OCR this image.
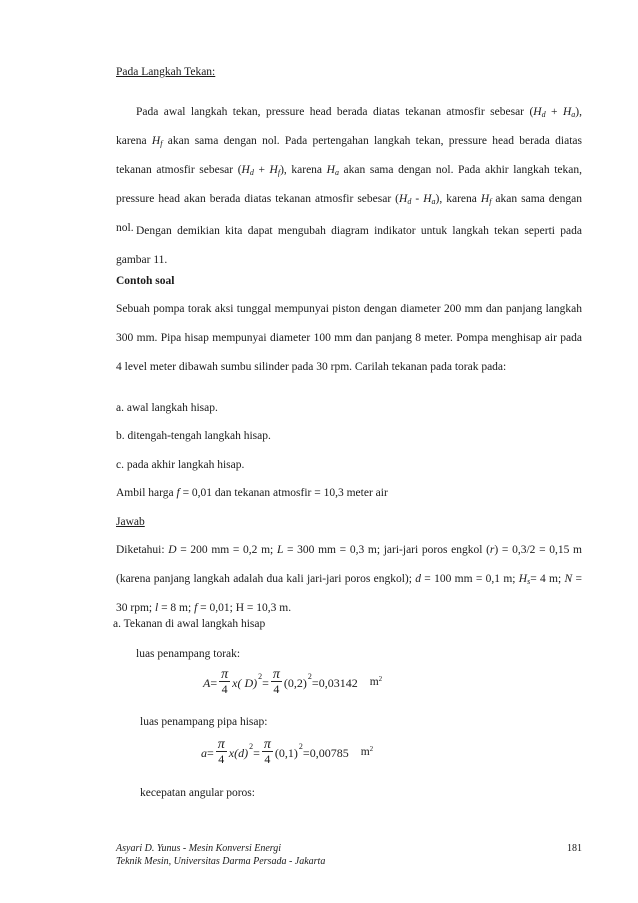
Pada Langkah Tekan:
Pada awal langkah tekan, pressure head berada diatas tekanan atmosfir sebesar $(H_d + H_a)$, karena $H_f$ akan sama dengan nol. Pada pertengahan langkah tekan, pressure head berada diatas tekanan atmosfir sebesar $(H_d + H_f)$, karena $H_a$ akan sama dengan nol. Pada akhir langkah tekan, pressure head akan berada diatas tekanan atmosfir sebesar $(H_d - H_a)$, karena $H_f$ akan sama dengan nol. Dengan demikian kita dapat mengubah diagram indikator untuk langkah tekan seperti pada gambar 11.
Contoh soal
Sebuah pompa torak aksi tunggal mempunyai piston dengan diameter 200 mm dan panjang langkah 300 mm. Pipa hisap mempunyai diameter 100 mm dan panjang 8 meter. Pompa menghisap air pada 4 level meter dibawah sumbu silinder pada 30 rpm. Carilah tekanan pada torak pada:
a. awal langkah hisap.
b. ditengah-tengah langkah hisap.
c. pada akhir langkah hisap.
Ambil harga f = 0,01 dan tekanan atmosfir = 10,3 meter air
Jawab
Diketahui: D = 200 mm = 0,2 m; L = 300 mm = 0,3 m; jari-jari poros engkol (r) = 0,3/2 = 0,15 m (karena panjang langkah adalah dua kali jari-jari poros engkol); d = 100 mm = 0,1 m; $H_s= 4$ m; N = 30 rpm; l = 8 m; f = 0,01; H = 10,3 m.
a. Tekanan di awal langkah hisap
luas penampang torak:
$A = \frac{\pi}{4} x$( D) $2 = \frac{\pi}{4} (0,2) 2 = 0,03142$ $m^2$
luas penampang pipa hisap:
$a = \frac{\pi}{4} x(d) 2 = \frac{\pi}{4} (0,1) 2 = 0,00785$ $m^2$
kecepatan angular poros:
Asyari D. Yunus - Mesin Konversi Energi
Teknik Mesin, Universitas Darma Persada - Jakarta
181
